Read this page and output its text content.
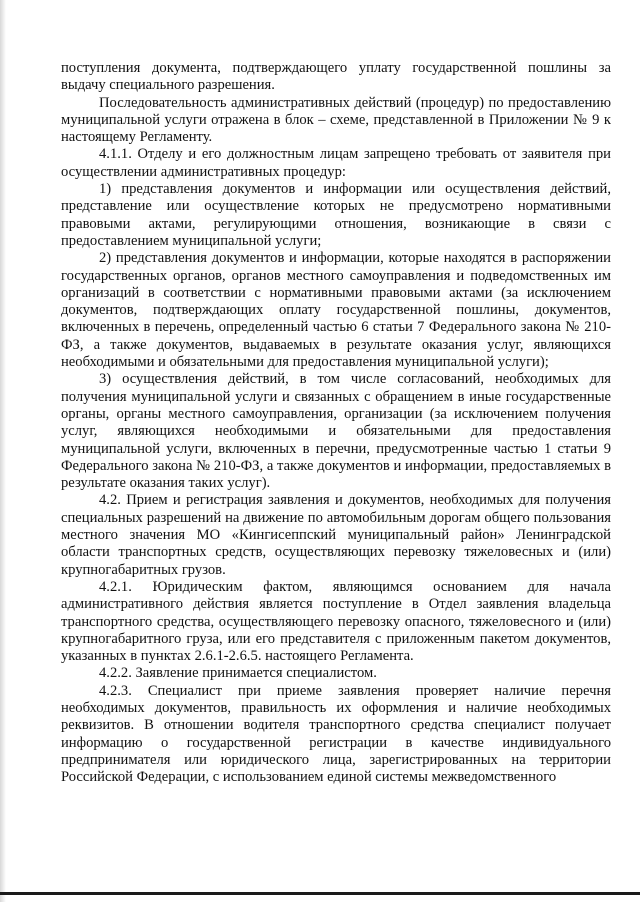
поступления документа, подтверждающего уплату государственной пошлины за выдачу специального разрешения.

Последовательность административных действий (процедур) по предоставлению муниципальной услуги отражена в блок – схеме, представленной в Приложении № 9 к настоящему Регламенту.

4.1.1. Отделу и его должностным лицам запрещено требовать от заявителя при осуществлении административных процедур:

1) представления документов и информации или осуществления действий, представление или осуществление которых не предусмотрено нормативными правовыми актами, регулирующими отношения, возникающие в связи с предоставлением муниципальной услуги;

2) представления документов и информации, которые находятся в распоряжении государственных органов, органов местного самоуправления и подведомственных им организаций в соответствии с нормативными правовыми актами (за исключением документов, подтверждающих оплату государственной пошлины, документов, включенных в перечень, определенный частью 6 статьи 7 Федерального закона № 210-ФЗ, а также документов, выдаваемых в результате оказания услуг, являющихся необходимыми и обязательными для предоставления муниципальной услуги);

3) осуществления действий, в том числе согласований, необходимых для получения муниципальной услуги и связанных с обращением в иные государственные органы, органы местного самоуправления, организации (за исключением получения услуг, являющихся необходимыми и обязательными для предоставления муниципальной услуги, включенных в перечни, предусмотренные частью 1 статьи 9 Федерального закона № 210-ФЗ, а также документов и информации, предоставляемых в результате оказания таких услуг).

4.2. Прием и регистрация заявления и документов, необходимых для получения специальных разрешений на движение по автомобильным дорогам общего пользования местного значения МО «Кингисеппский муниципальный район» Ленинградской области транспортных средств, осуществляющих перевозку тяжеловесных и (или) крупногабаритных грузов.

4.2.1. Юридическим фактом, являющимся основанием для начала административного действия является поступление в Отдел заявления владельца транспортного средства, осуществляющего перевозку опасного, тяжеловесного и (или) крупногабаритного груза, или его представителя с приложенным пакетом документов, указанных в пунктах 2.6.1-2.6.5. настоящего Регламента.

4.2.2. Заявление принимается специалистом.

4.2.3. Специалист при приеме заявления проверяет наличие перечня необходимых документов, правильность их оформления и наличие необходимых реквизитов. В отношении водителя транспортного средства специалист получает информацию о государственной регистрации в качестве индивидуального предпринимателя или юридического лица, зарегистрированных на территории Российской Федерации, с использованием единой системы межведомственного
